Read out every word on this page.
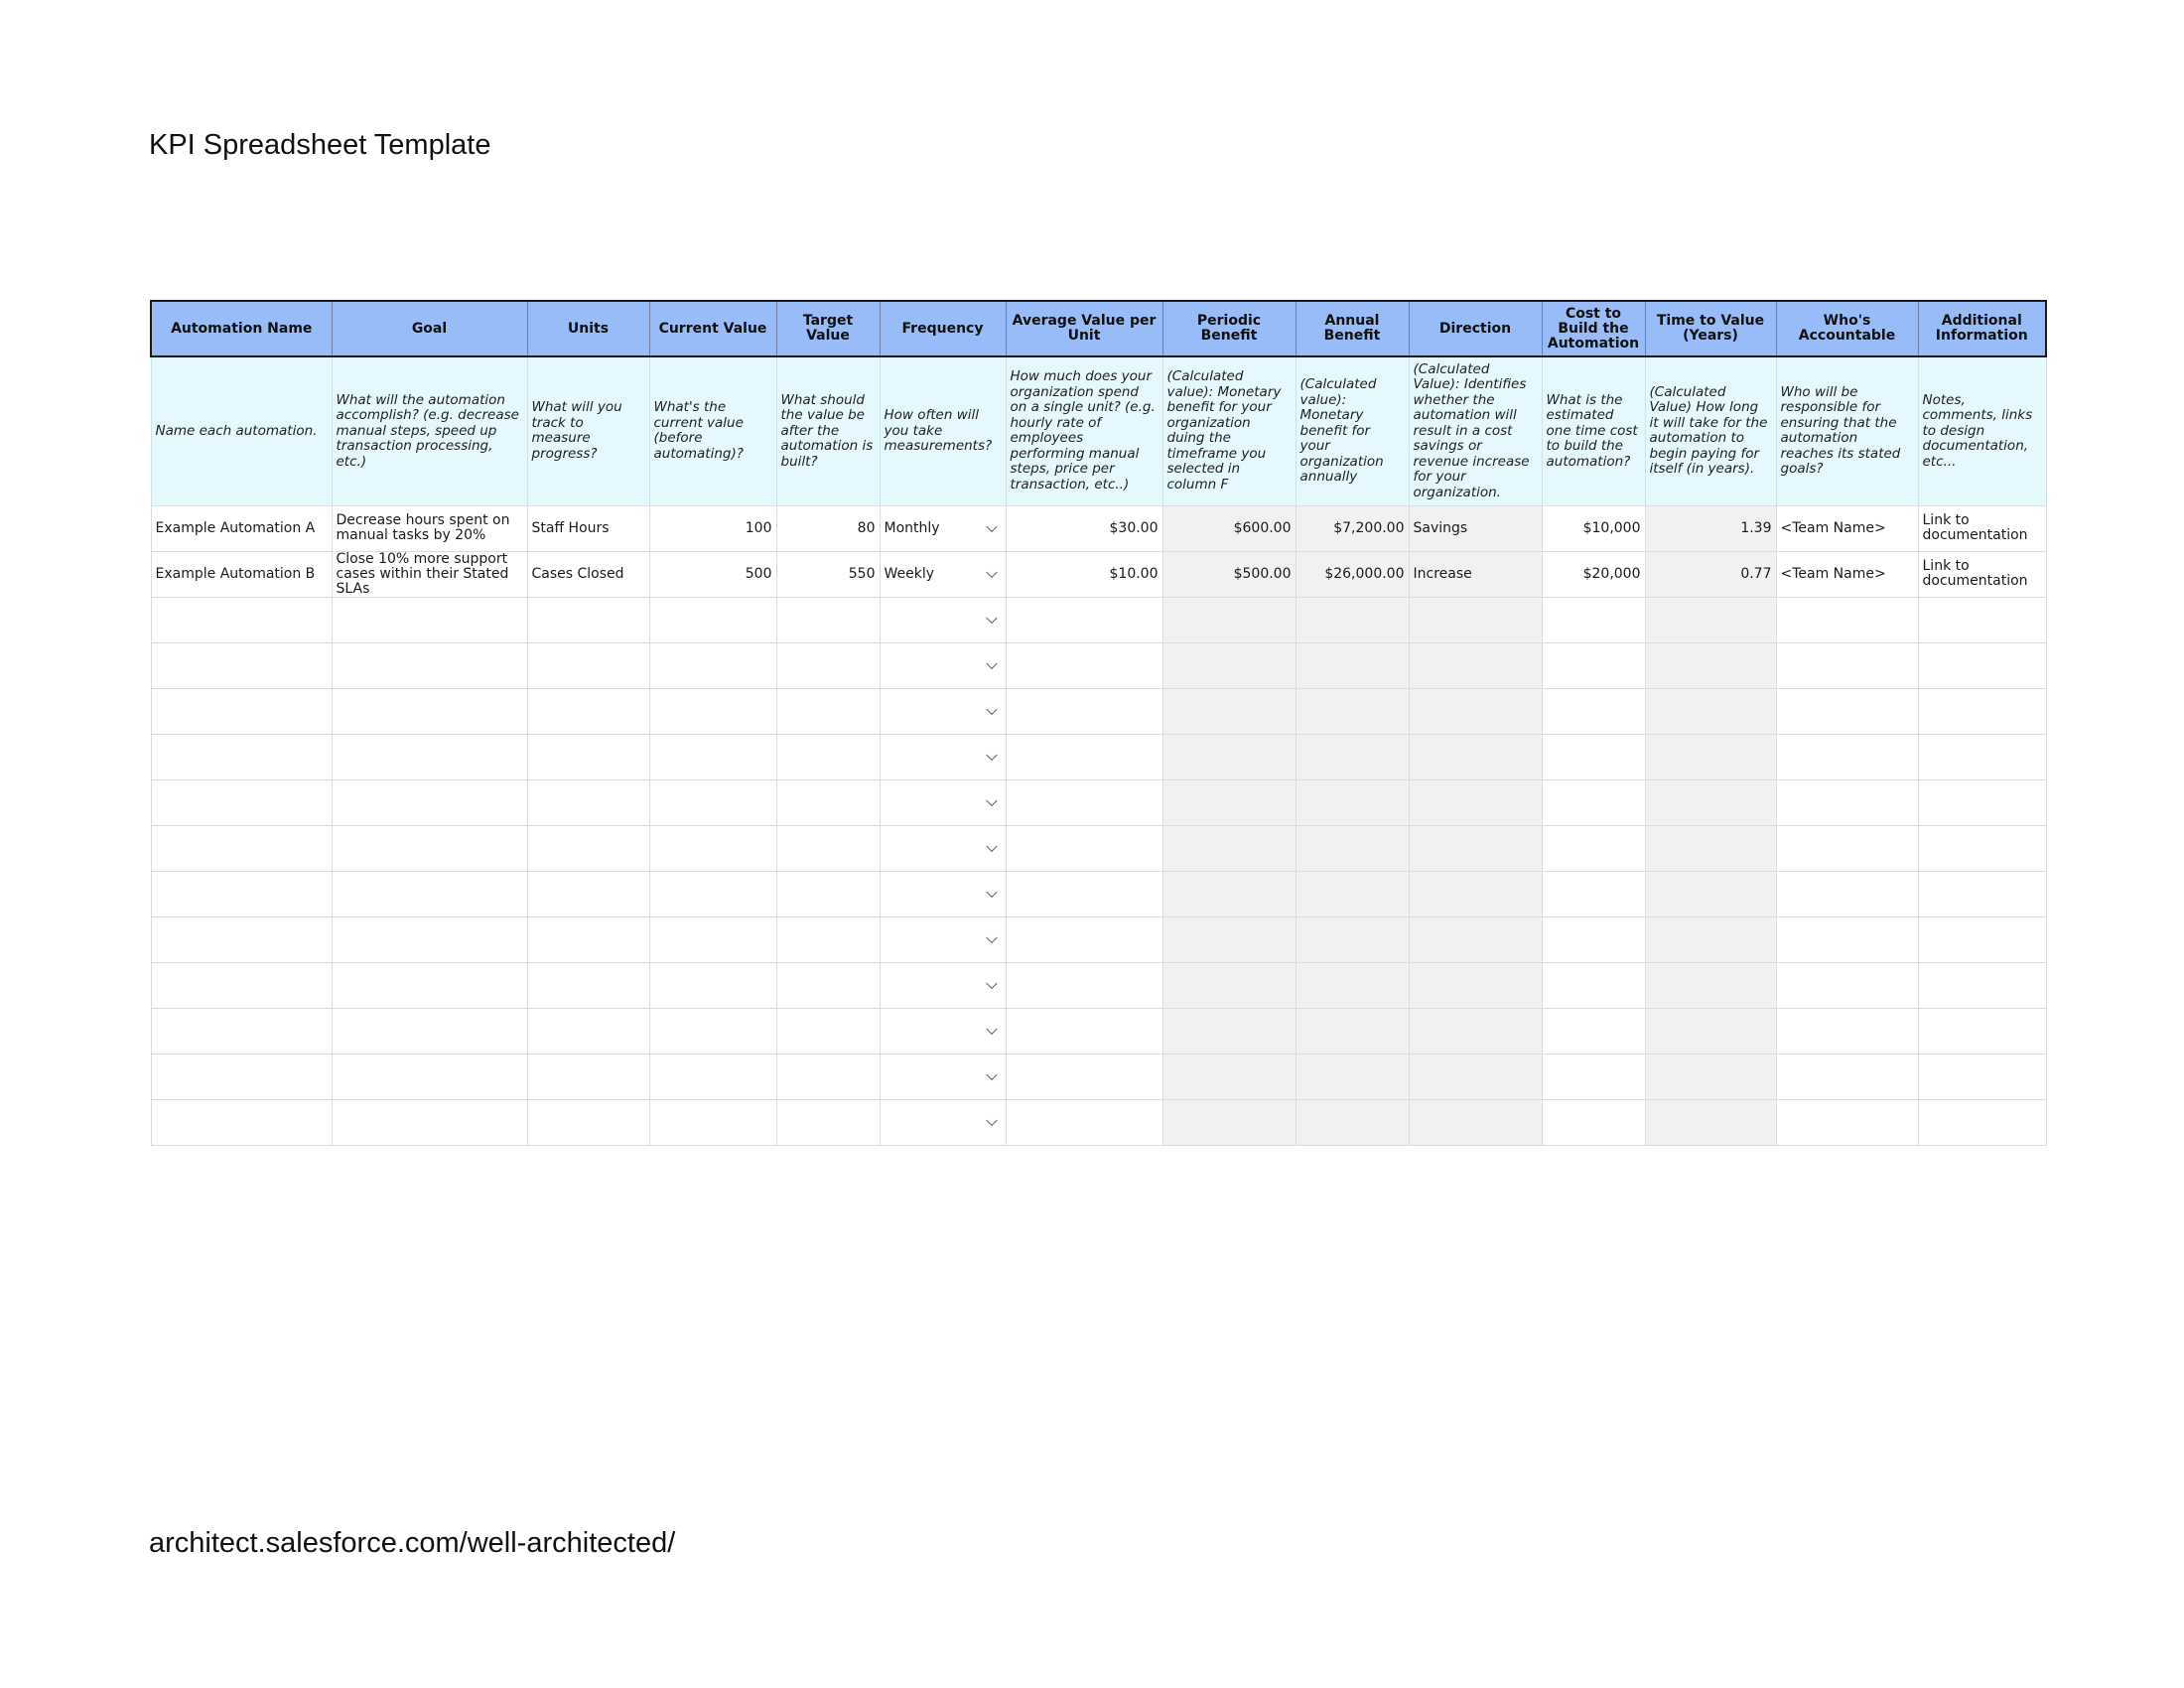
KPI Spreadsheet Template
Automation Name	Goal	Units	Current Value	Target Value	Frequency	Average Value per Unit	Periodic Benefit	Annual Benefit	Direction	Cost to Build the Automation	Time to Value (Years)	Who's Accountable	Additional Information
Name each automation.	What will the automation accomplish? (e.g. decrease manual steps, speed up transaction processing, etc.)	What will you track to measure progress?	What's the current value (before automating)?	What should the value be after the automation is built?	How often will you take measurements?	How much does your organization spend on a single unit? (e.g. hourly rate of employees performing manual steps, price per transaction, etc..)	(Calculated value): Monetary benefit for your organization duing the timeframe you selected in column F	(Calculated value): Monetary benefit for your organization annually	(Calculated Value): Identifies whether the automation will result in a cost savings or revenue increase for your organization.	What is the estimated one time cost to build the automation?	(Calculated Value) How long it will take for the automation to begin paying for itself (in years).	Who will be responsible for ensuring that the automation reaches its stated goals?	Notes, comments, links to design documentation, etc...
Example Automation A	Decrease hours spent on manual tasks by 20%	Staff Hours	100	80	Monthly	$30.00	$600.00	$7,200.00	Savings	$10,000	1.39	<Team Name>	Link to documentation
Example Automation B	Close 10% more support cases within their Stated SLAs	Cases Closed	500	550	Weekly	$10.00	$500.00	$26,000.00	Increase	$20,000	0.77	<Team Name>	Link to documentation

architect.salesforce.com/well-architected/
